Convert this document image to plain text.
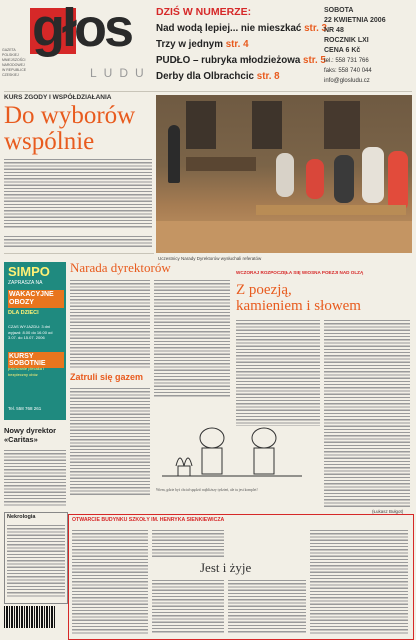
głos
LUDU
GAZETA POLSKIEJ MNIEJSZOŚCI NARODOWEJ W REPUBLICE CZESKIEJ
DZIŚ W NUMERZE:
Nad wodą lepiej... nie mieszkać str. 3
Trzy w jednym str. 4
PUDŁO – rubryka młodzieżowa str. 5
Derby dla Olbrachcic str. 8
SOBOTA
22 KWIETNIA 2006
NR 48
ROCZNIK LXI
CENA 6 Kč
tel.: 558 731 766
faks: 558 740 044
info@glosludu.cz
KURS ZGODY I WSPÓŁDZIAŁANIA
Do wyborów
wspólnie
Uczestnicy Narady Dyrektorów wysłuchali referatów
SIMPO
ZAPRASZA NA
WAKACYJNE OBOZY
DLA DZIECI
CZAS WYJAZDU: 3 dni wyjazd: 8.00 do 16.00 od 3.07. do 15.07. 2006
KURSY SOBOTNIE
pakowanie plecaka i bezpieczny obóz
Tel. 558 768 261
Nowy dyrektor «Caritas»
Nekrologia
Narada dyrektorów
Zatruli się gazem
Wiem, gdzie byś chciał spędzić najbliższy tydzień, ale tu jest komplet!
WCZORAJ ROZPOCZĘŁA SIĘ WIOSNA POEZJI NAD OLZĄ
Z poezją,
kamieniem i słowem
(Łukasz Bułgot)
OTWARCIE BUDYNKU SZKOŁY IM. HENRYKA SIENKIEWICZA
Jest i żyje
